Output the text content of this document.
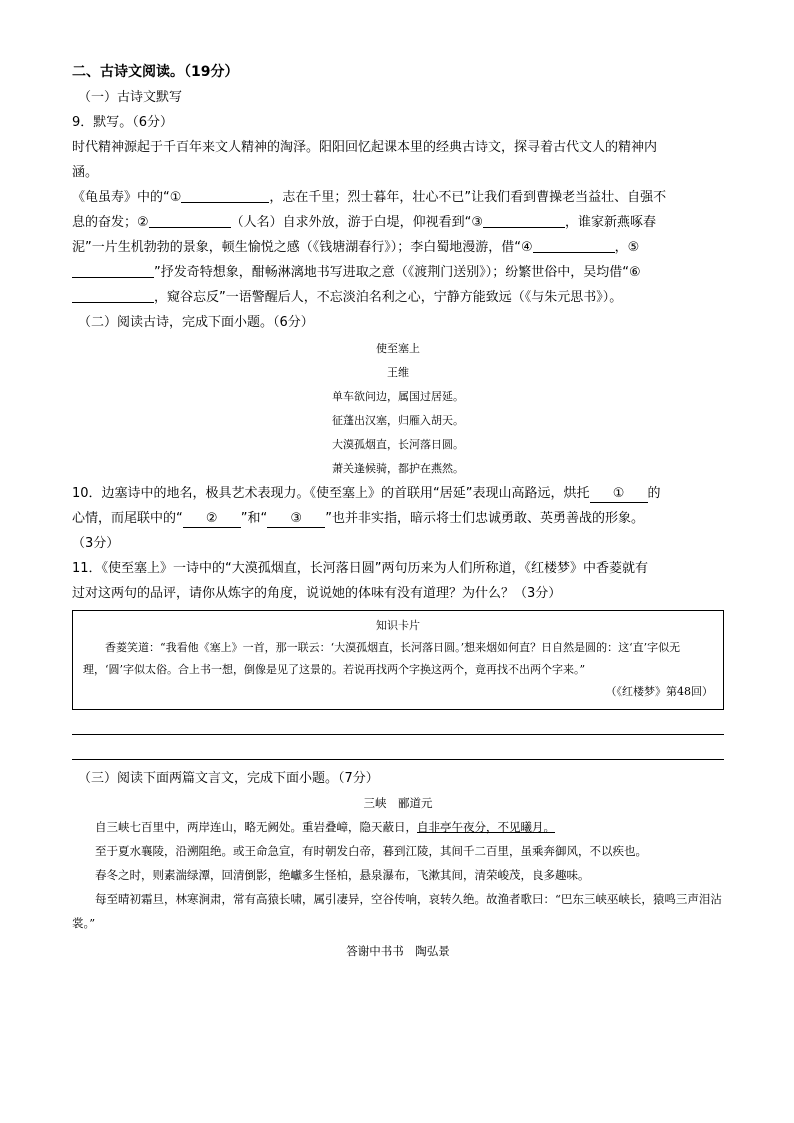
二、古诗文阅读。（19分）

（一）古诗文默写

9．默写。（6分）

时代精神源起于千百年来文人精神的淘泽。阳阳回忆起课本里的经典古诗文，探寻着古代文人的精神内

涵。

《龟虽寿》中的“①	，志在千里；烈士暮年，壮心不已”让我们看到曹操老当益壮、自强不

息的奋发；②	（人名）自求外放，游于白堤，仰视看到“③	，谁家新燕啄春

泥”一片生机勃勃的景象，顿生愉悦之感（《钱塘湖春行》）；李白蜀地漫游，借“④	，⑤

”抒发奇特想象，酣畅淋漓地书写进取之意（《渡荆门送别》）；纷繁世俗中，吴均借“⑥

，窥谷忘反”一语警醒后人，不忘淡泊名利之心，宁静方能致远（《与朱元思书》）。

（二）阅读古诗，完成下面小题。（6分）

使至塞上

王维

单车欲问边，属国过居延。

征蓬出汉塞，归雁入胡天。

大漠孤烟直，长河落日圆。

萧关逢候骑，都护在燕然。

10．边塞诗中的地名，极具艺术表现力。《使至塞上》的首联用“居延”表现山高路远，烘托 ① 的

心情，而尾联中的“ ② ”和“ ③ ”也并非实指，暗示将士们忠诚勇敢、英勇善战的形象。

（3分）

11．《使至塞上》一诗中的“大漠孤烟直，长河落日圆”两句历来为人们所称道，《红楼梦》中香菱就有

过对这两句的品评，请你从炼字的角度，说说她的体味有没有道理？为什么？（3分）

知识卡片
香菱笑道：“我看他《塞上》一首，那一联云：‘大漠孤烟直，长河落日圆。’想来烟如何直？日自然是圆的：这‘直’字似无理，‘圆’字似太俗。合上书一想，倒像是见了这景的。若说再找两个字换这两个，竟再找不出两个字来。”
（《红楼梦》第48回）

（三）阅读下面两篇文言文，完成下面小题。（7分）

三峡　郦道元

自三峡七百里中，两岸连山，略无阙处。重岩叠嶂，隐天蔽日，自非亭午夜分，不见曦月。

至于夏水襄陵，沿溯阻绝。或王命急宣，有时朝发白帝，暮到江陵，其间千二百里，虽乘奔御风，不以疾也。

春冬之时，则素湍绿潭，回清倒影，绝巘多生怪柏，悬泉瀑布，飞漱其间，清荣峻茂，良多趣味。

每至晴初霜旦，林寒涧肃，常有高猿长啸，属引凄异，空谷传响，哀转久绝。故渔者歌曰：“巴东三峡巫峡长，猿鸣三声泪沾裳。”

答谢中书书　陶弘景
